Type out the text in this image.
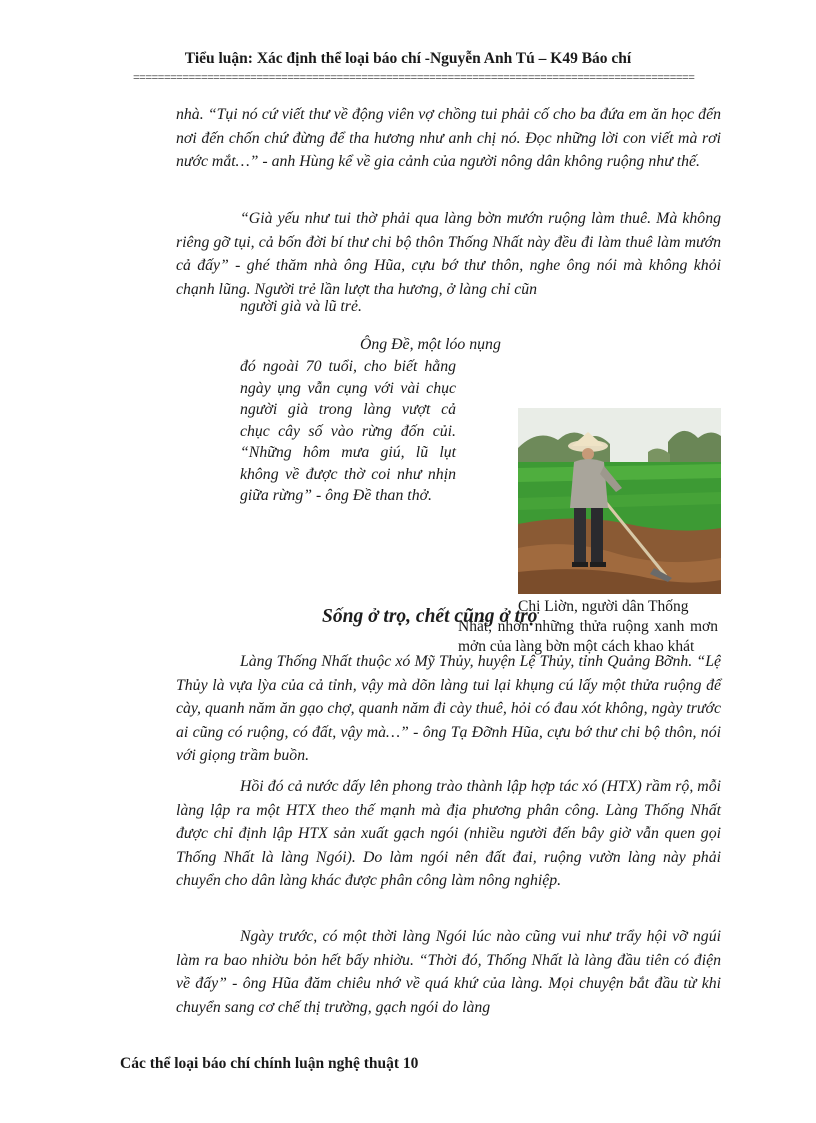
Tiểu luận: Xác định thể loại báo chí -Nguyễn Anh Tú – K49 Báo chí
===========================================================================================
nhà. “Tụi nó cứ viết thư về động viên vợ chồng tui phải cố cho ba đứa em ăn học đến nơi đến chốn chứ đừng để tha hương như anh chị nó. Đọc những lời con viết mà rơi nước mắt…” - anh Hùng kể về gia cảnh của người nông dân không ruộng như thế.
“Già yếu như tui thờ phải qua làng bờn mướn ruộng làm thuê. Mà không riêng gỡ tụi, cả bốn đời bí thư chi bộ thôn Thống Nhất này đều đi làm thuê làm mướn cả đấy” - ghé thăm nhà ông Hũa, cựu bớ thư thôn, nghe ông nói mà không khỏi chạnh lũng. Người trẻ lần lượt tha hương, ở làng chỉ cũn
người già và lũ trẻ.
Ông Đề, một lóo nụng
đó ngoài 70 tuổi, cho biết hằng ngày ụng vẫn cụng với vài chục người già trong làng vượt cả chục cây số vào rừng đốn củi. “Những hôm mưa giú, lũ lụt không về được thờ coi như nhịn giữa rừng” - ông Đề than thở.
Chị Liờn, người dân Thống
Nhất, nhỡn những thửa ruộng xanh mơn mởn của làng bờn một cách khao khát
Sống ở trọ, chết cũng ở trọ
Làng Thống Nhất thuộc xó Mỹ Thủy, huyện Lệ Thủy, tỉnh Quảng Bỡnh. “Lệ Thủy là vựa lỳa của cả tỉnh, vậy mà dõn làng tui lại khụng cú lấy một thửa ruộng để cày, quanh năm ăn gạo chợ, quanh năm đi cày thuê, hỏi có đau xót không, ngày trước ai cũng có ruộng, có đất, vậy mà…” - ông Tạ Đỡnh Hũa, cựu bớ thư chi bộ thôn, nói với giọng trầm buồn.
Hồi đó cả nước dấy lên phong trào thành lập hợp tác xó (HTX) rầm rộ, mỗi làng lập ra một HTX theo thế mạnh mà địa phương phân công. Làng Thống Nhất được chỉ định lập HTX sản xuất gạch ngói (nhiều người đến bây giờ vẫn quen gọi Thống Nhất là làng Ngói). Do làm ngói nên đất đai, ruộng vườn làng này phải chuyển cho dân làng khác được phân công làm nông nghiệp.
Ngày trước, có một thời làng Ngói lúc nào cũng vui như trẩy hội vỡ ngúi làm ra bao nhiờu bỏn hết bấy nhiờu. “Thời đó, Thống Nhất là làng đầu tiên có điện về đấy” - ông Hũa đăm chiêu nhớ về quá khứ của làng. Mọi chuyện bắt đầu từ khi chuyển sang cơ chế thị trường, gạch ngói do làng
Các thể loại báo chí chính luận nghệ thuật 10
